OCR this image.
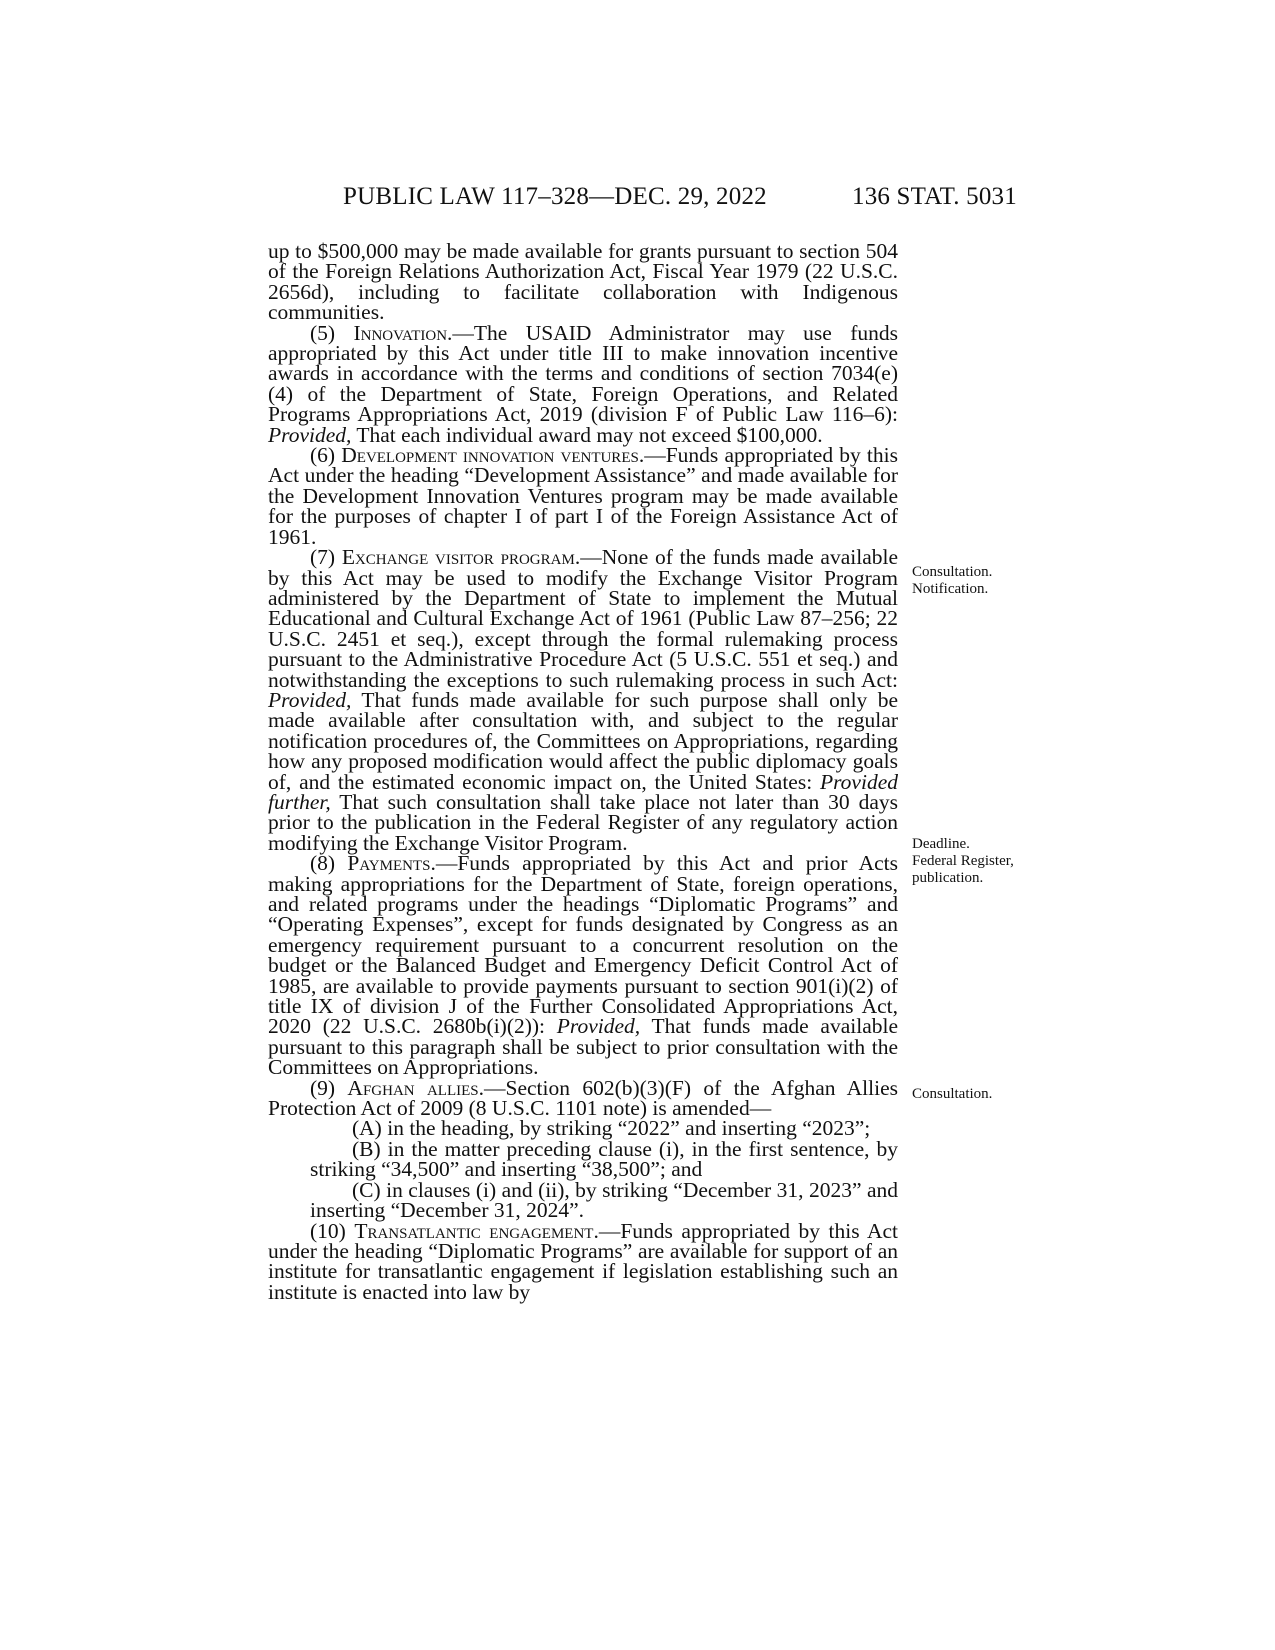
PUBLIC LAW 117–328—DEC. 29, 2022	136 STAT. 5031

up to $500,000 may be made available for grants pursuant to section 504 of the Foreign Relations Authorization Act, Fiscal Year 1979 (22 U.S.C. 2656d), including to facilitate collaboration with Indigenous communities.

(5) Innovation.—The USAID Administrator may use funds appropriated by this Act under title III to make innovation incentive awards in accordance with the terms and conditions of section 7034(e)(4) of the Department of State, Foreign Operations, and Related Programs Appropriations Act, 2019 (division F of Public Law 116–6): Provided, That each individual award may not exceed $100,000.

(6) Development innovation ventures.—Funds appropriated by this Act under the heading “Development Assistance” and made available for the Development Innovation Ventures program may be made available for the purposes of chapter I of part I of the Foreign Assistance Act of 1961.

(7) Exchange visitor program.—None of the funds made available by this Act may be used to modify the Exchange Visitor Program administered by the Department of State to implement the Mutual Educational and Cultural Exchange Act of 1961 (Public Law 87–256; 22 U.S.C. 2451 et seq.), except through the formal rulemaking process pursuant to the Administrative Procedure Act (5 U.S.C. 551 et seq.) and notwithstanding the exceptions to such rulemaking process in such Act: Provided, That funds made available for such purpose shall only be made available after consultation with, and subject to the regular notification procedures of, the Committees on Appropriations, regarding how any proposed modification would affect the public diplomacy goals of, and the estimated economic impact on, the United States: Provided further, That such consultation shall take place not later than 30 days prior to the publication in the Federal Register of any regulatory action modifying the Exchange Visitor Program.

(8) Payments.—Funds appropriated by this Act and prior Acts making appropriations for the Department of State, foreign operations, and related programs under the headings “Diplomatic Programs” and “Operating Expenses”, except for funds designated by Congress as an emergency requirement pursuant to a concurrent resolution on the budget or the Balanced Budget and Emergency Deficit Control Act of 1985, are available to provide payments pursuant to section 901(i)(2) of title IX of division J of the Further Consolidated Appropriations Act, 2020 (22 U.S.C. 2680b(i)(2)): Provided, That funds made available pursuant to this paragraph shall be subject to prior consultation with the Committees on Appropriations.

(9) Afghan allies.—Section 602(b)(3)(F) of the Afghan Allies Protection Act of 2009 (8 U.S.C. 1101 note) is amended—

(A) in the heading, by striking “2022” and inserting “2023”;

(B) in the matter preceding clause (i), in the first sentence, by striking “34,500” and inserting “38,500”; and

(C) in clauses (i) and (ii), by striking “December 31, 2023” and inserting “December 31, 2024”.

(10) Transatlantic engagement.—Funds appropriated by this Act under the heading “Diplomatic Programs” are available for support of an institute for transatlantic engagement if legislation establishing such an institute is enacted into law by

Consultation.
Notification.
Deadline.
Federal Register,
publication.
Consultation.
